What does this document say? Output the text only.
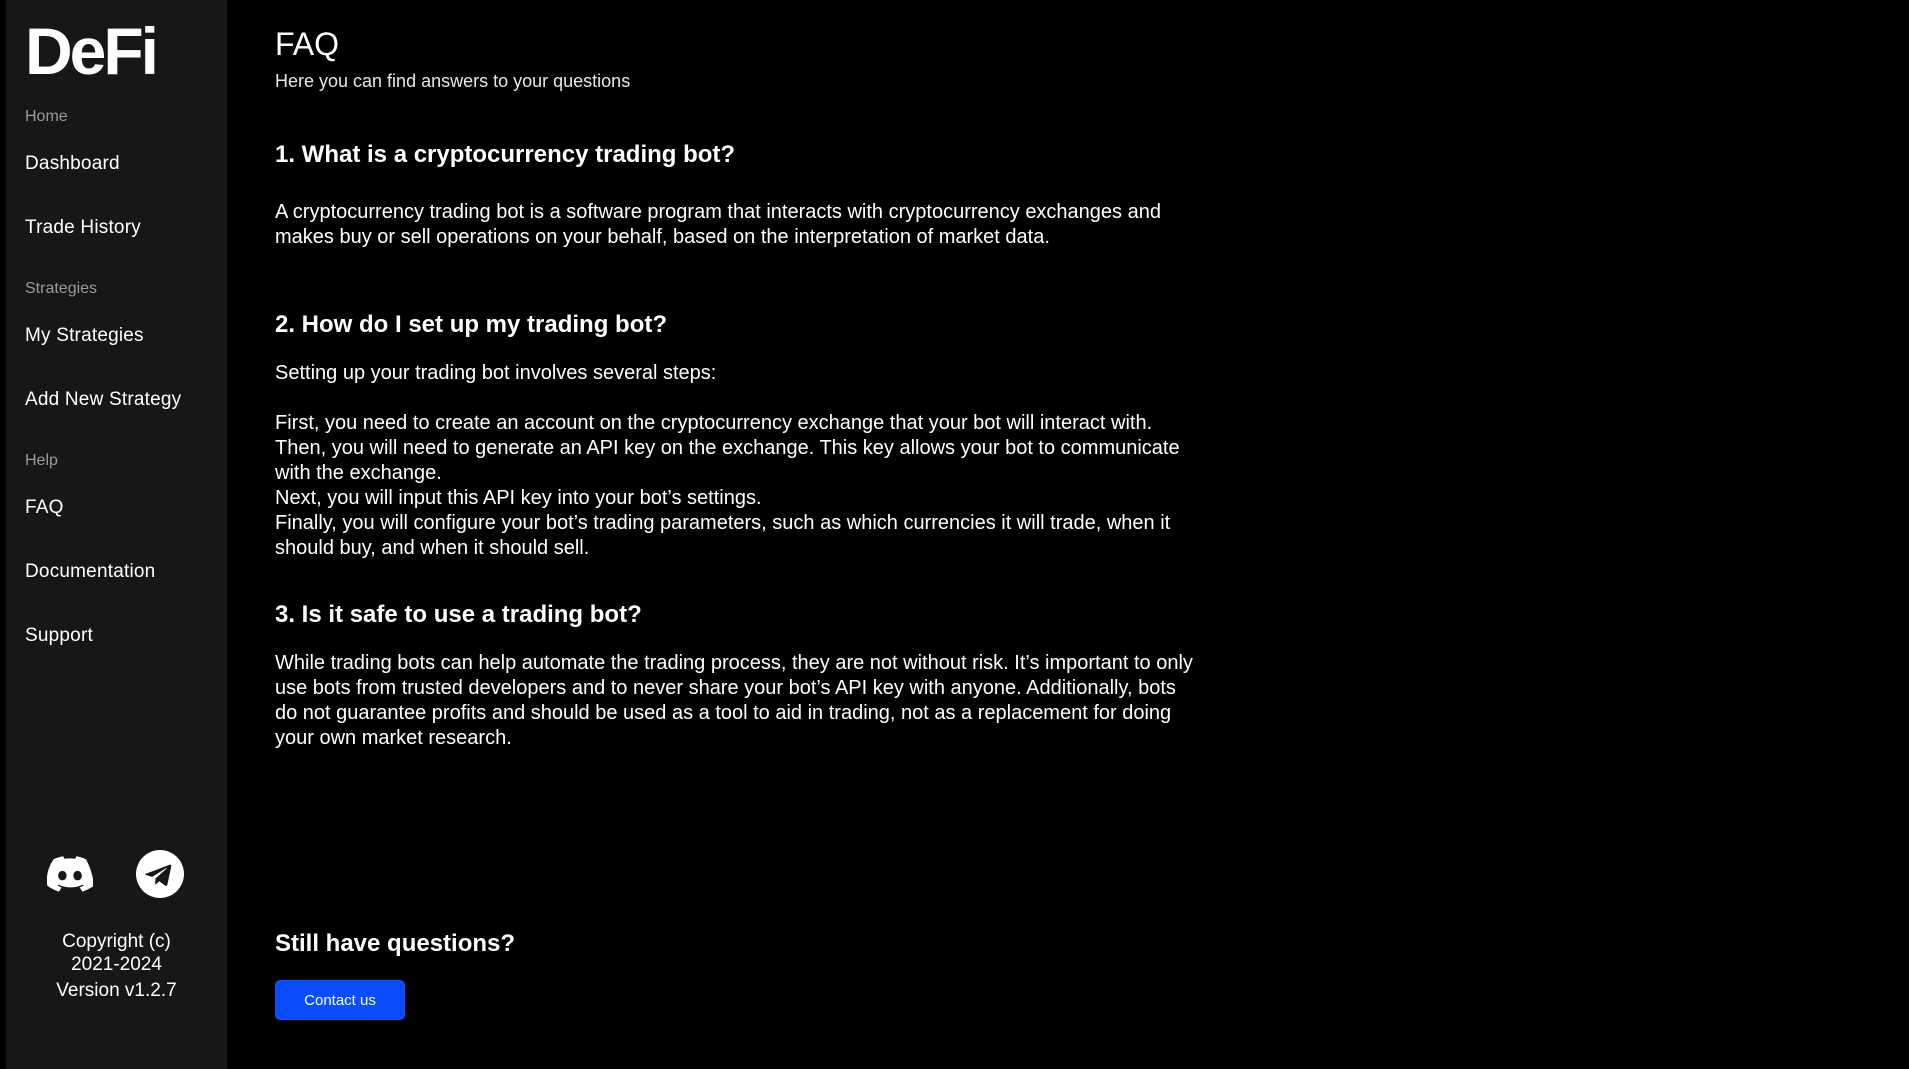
DeFi
Home
Dashboard
Trade History
Strategies
My Strategies
Add New Strategy
Help
FAQ
Documentation
Support
Copyright (c)
2021-2024
Version v1.2.7
FAQ
Here you can find answers to your questions
1. What is a cryptocurrency trading bot?

A cryptocurrency trading bot is a software program that interacts with cryptocurrency exchanges and

makes buy or sell operations on your behalf, based on the interpretation of market data.

2. How do I set up my trading bot?

Setting up your trading bot involves several steps:

First, you need to create an account on the cryptocurrency exchange that your bot will interact with.

Then, you will need to generate an API key on the exchange. This key allows your bot to communicate

with the exchange.

Next, you will input this API key into your bot’s settings.

Finally, you will configure your bot’s trading parameters, such as which currencies it will trade, when it

should buy, and when it should sell.

3. Is it safe to use a trading bot?

While trading bots can help automate the trading process, they are not without risk. It’s important to only

use bots from trusted developers and to never share your bot’s API key with anyone. Additionally, bots

do not guarantee profits and should be used as a tool to aid in trading, not as a replacement for doing

your own market research.

Still have questions?
Contact us
